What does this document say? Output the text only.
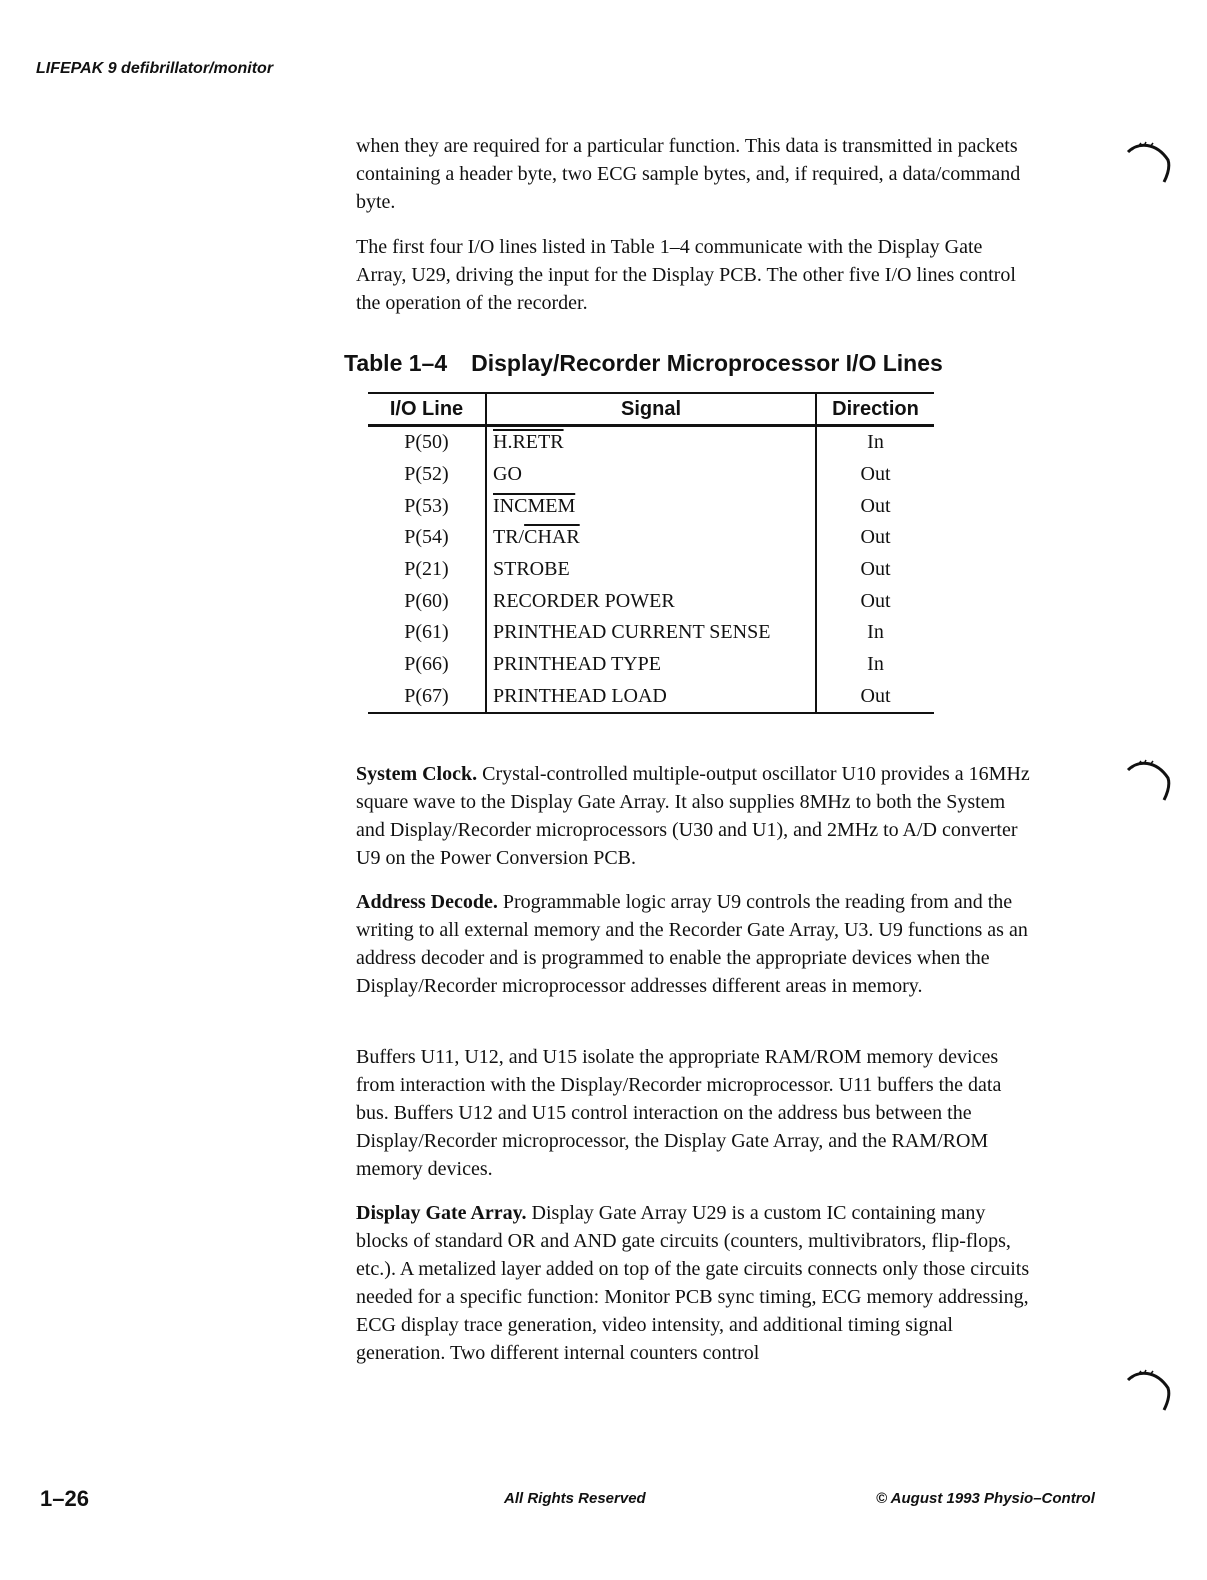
LIFEPAK 9 defibrillator/monitor

when they are required for a particular function. This data is transmitted in packets containing a header byte, two ECG sample bytes, and, if required, a data/command byte.

The first four I/O lines listed in Table 1–4 communicate with the Display Gate Array, U29, driving the input for the Display PCB. The other five I/O lines control the operation of the recorder.

Table 1–4 Display/Recorder Microprocessor I/O Lines
I/O Line	Signal	Direction
P(50)	H.RETR	In
P(52)	GO	Out
P(53)	INCMEM	Out
P(54)	TR/CHAR	Out
P(21)	STROBE	Out
P(60)	RECORDER POWER	Out
P(61)	PRINTHEAD CURRENT SENSE	In
P(66)	PRINTHEAD TYPE	In
P(67)	PRINTHEAD LOAD	Out

System Clock. Crystal-controlled multiple-output oscillator U10 provides a 16MHz square wave to the Display Gate Array. It also supplies 8MHz to both the System and Display/Recorder microprocessors (U30 and U1), and 2MHz to A/D converter U9 on the Power Conversion PCB.

Address Decode. Programmable logic array U9 controls the reading from and the writing to all external memory and the Recorder Gate Array, U3. U9 functions as an address decoder and is programmed to enable the appropriate devices when the Display/Recorder microprocessor addresses different areas in memory.

Buffers U11, U12, and U15 isolate the appropriate RAM/ROM memory devices from interaction with the Display/Recorder microprocessor. U11 buffers the data bus. Buffers U12 and U15 control interaction on the address bus between the Display/Recorder microprocessor, the Display Gate Array, and the RAM/ROM memory devices.

Display Gate Array. Display Gate Array U29 is a custom IC containing many blocks of standard OR and AND gate circuits (counters, multivibrators, flip-flops, etc.). A metalized layer added on top of the gate circuits connects only those circuits needed for a specific function: Monitor PCB sync timing, ECG memory addressing, ECG display trace generation, video intensity, and additional timing signal generation. Two different internal counters control

1–26	All Rights Reserved	© August 1993 Physio–Control
